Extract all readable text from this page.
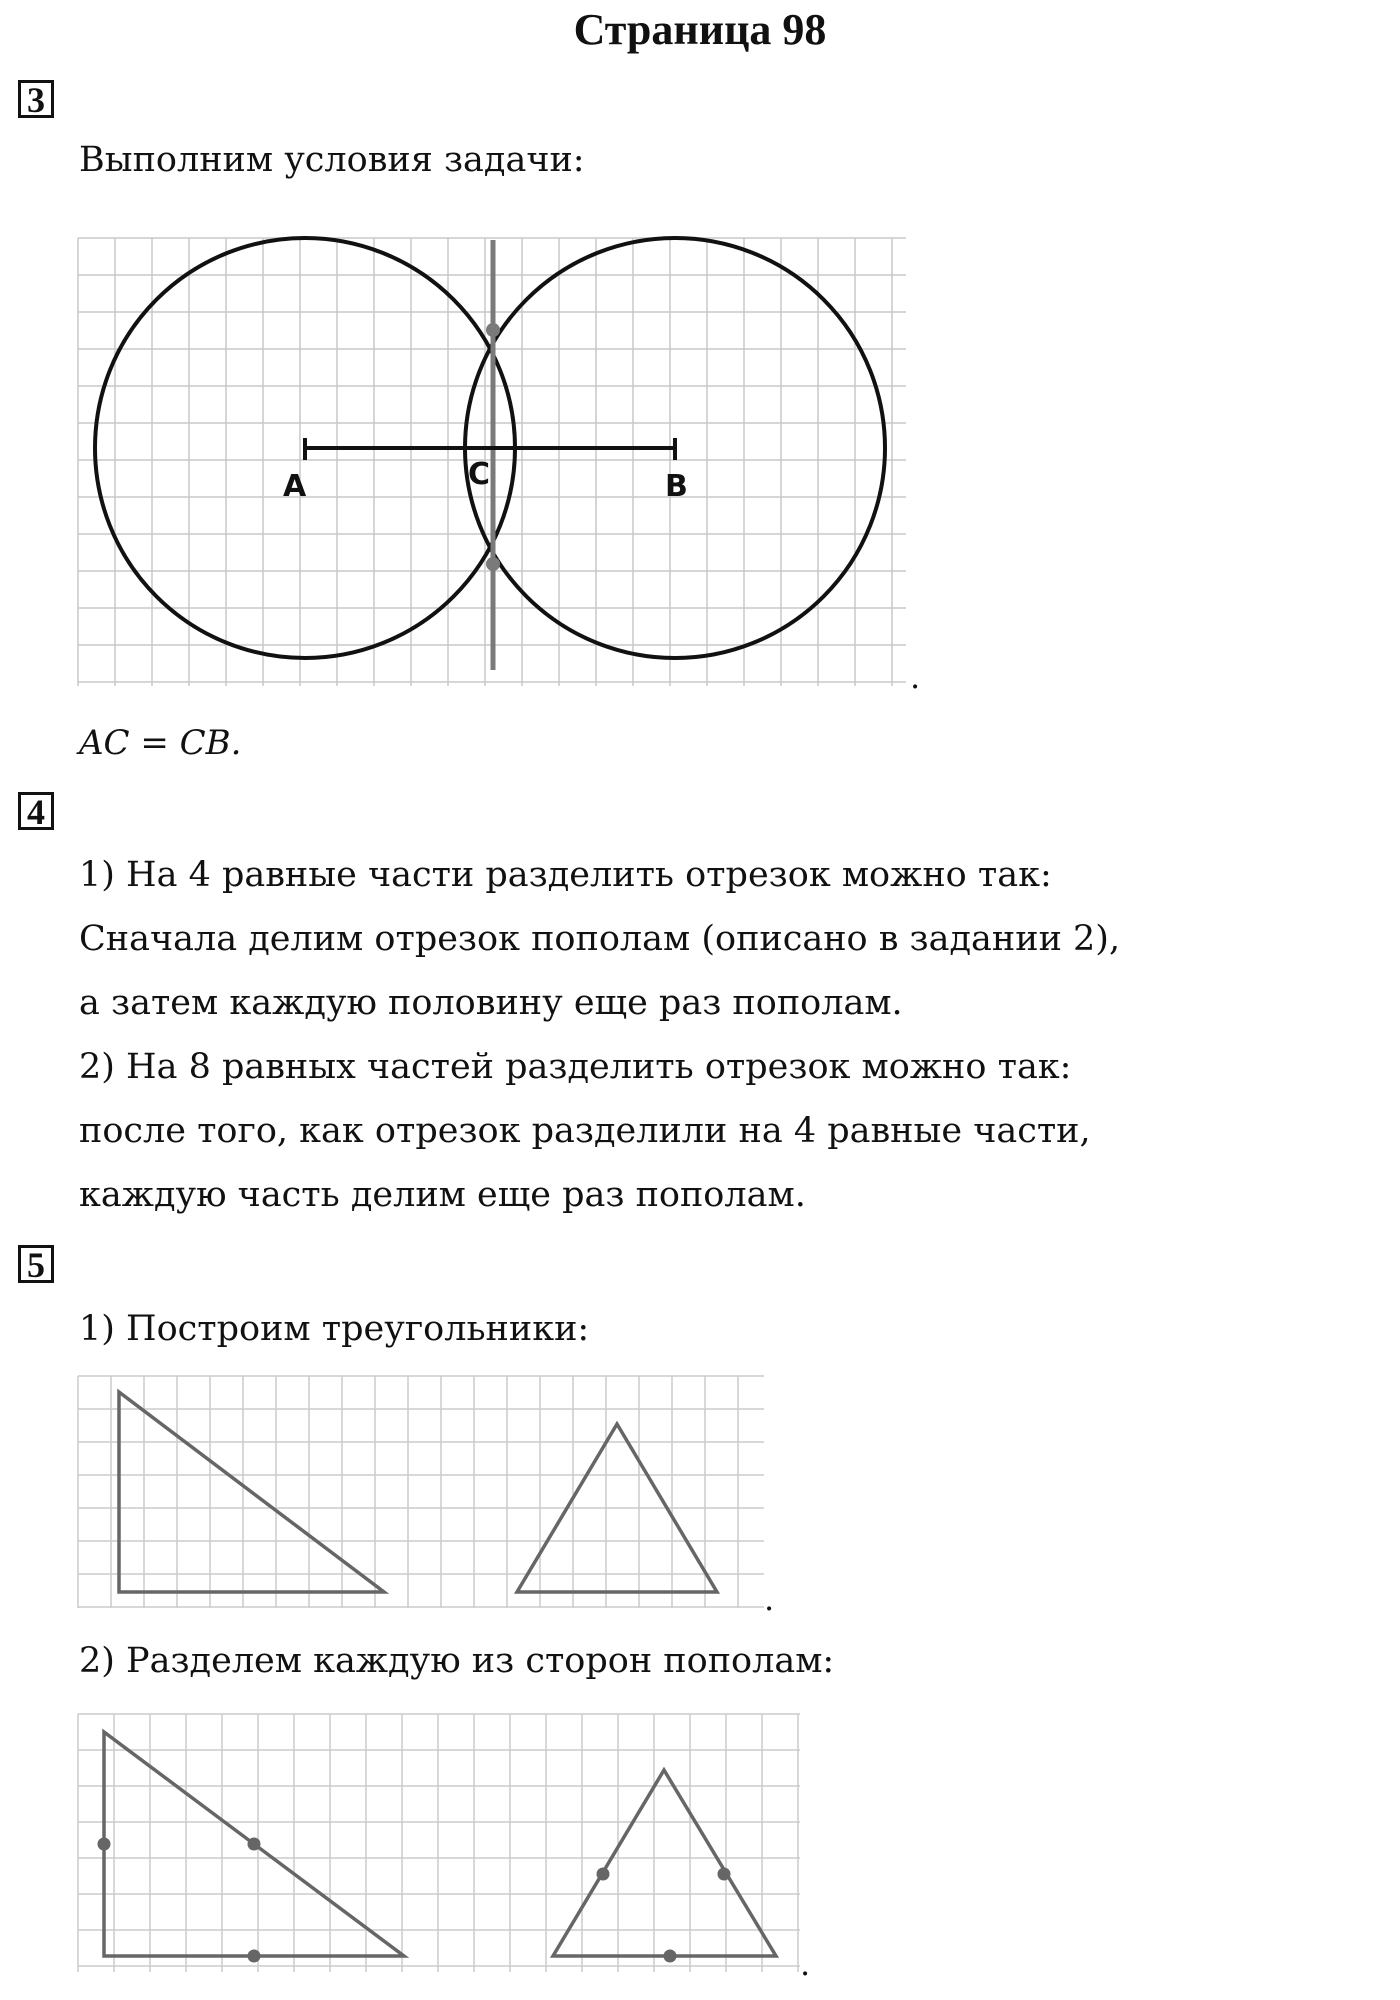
Страница 98
3
Выполним условия задачи:
A	C	B
.
AC = CB.
4
1) На 4 равные части разделить отрезок можно так:
Сначала делим отрезок пополам (описано в задании 2),
а затем каждую половину еще раз пополам.
2) На 8 равных частей разделить отрезок можно так:
после того, как отрезок разделили на 4 равные части,
каждую часть делим еще раз пополам.
5
1) Построим треугольники:
.
2) Разделем каждую из сторон пополам:
.
